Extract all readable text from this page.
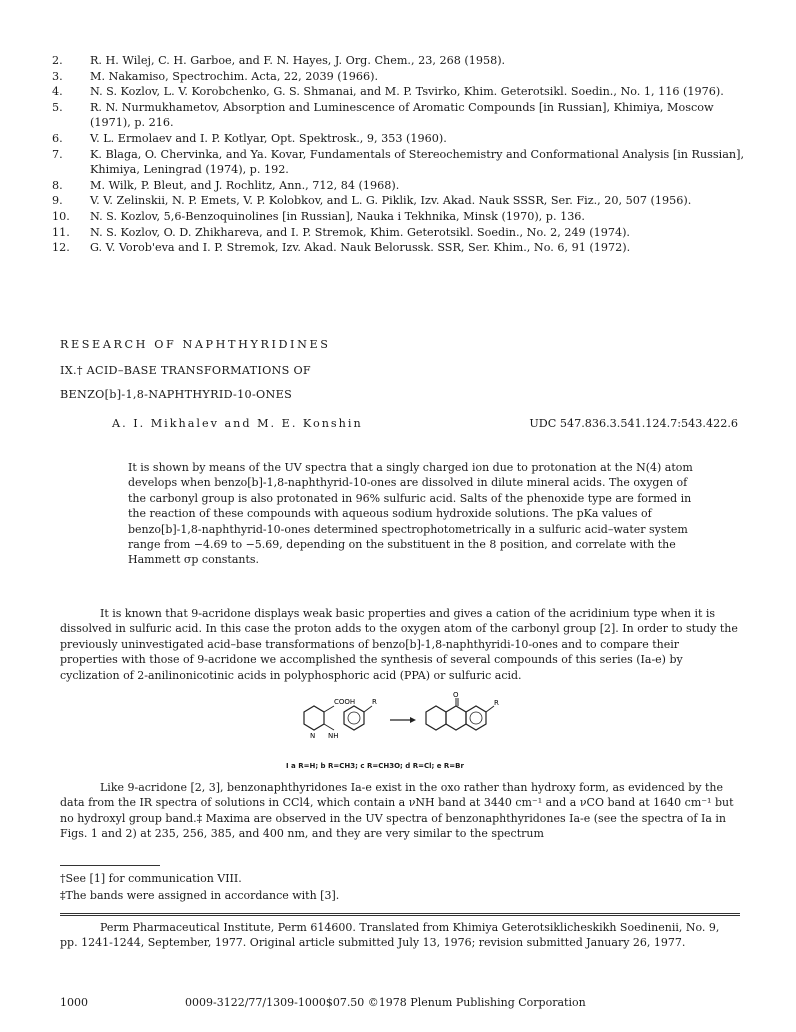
2.	R. H. Wilej, C. H. Garboe, and F. N. Hayes, J. Org. Chem., 23, 268 (1958).
3.	M. Nakamiso, Spectrochim. Acta, 22, 2039 (1966).
4.	N. S. Kozlov, L. V. Korobchenko, G. S. Shmanai, and M. P. Tsvirko, Khim. Geterotsikl. Soedin., No. 1, 116 (1976).
5.	R. N. Nurmukhametov, Absorption and Luminescence of Aromatic Compounds [in Russian], Khimiya, Moscow (1971), p. 216.
6.	V. L. Ermolaev and I. P. Kotlyar, Opt. Spektrosk., 9, 353 (1960).
7.	K. Blaga, O. Chervinka, and Ya. Kovar, Fundamentals of Stereochemistry and Conformational Analysis [in Russian], Khimiya, Leningrad (1974), p. 192.
8.	M. Wilk, P. Bleut, and J. Rochlitz, Ann., 712, 84 (1968).
9.	V. V. Zelinskii, N. P. Emets, V. P. Kolobkov, and L. G. Piklik, Izv. Akad. Nauk SSSR, Ser. Fiz., 20, 507 (1956).
10.	N. S. Kozlov, 5,6-Benzoquinolines [in Russian], Nauka i Tekhnika, Minsk (1970), p. 136.
11.	N. S. Kozlov, O. D. Zhikhareva, and I. P. Stremok, Khim. Geterotsikl. Soedin., No. 2, 249 (1974).
12.	G. V. Vorob'eva and I. P. Stremok, Izv. Akad. Nauk Belorussk. SSR, Ser. Khim., No. 6, 91 (1972).
RESEARCH OF NAPHTHYRIDINES
IX.† ACID–BASE TRANSFORMATIONS OF
BENZO[b]-1,8-NAPHTHYRID-10-ONES
A. I. Mikhalev and M. E. Konshin	UDC 547.836.3.541.124.7:543.422.6
It is shown by means of the UV spectra that a singly charged ion due to protonation at the N(4) atom develops when benzo[b]-1,8-naphthyrid-10-ones are dissolved in dilute mineral acids. The oxygen of the carbonyl group is also protonated in 96% sulfuric acid. Salts of the phenoxide type are formed in the reaction of these compounds with aqueous sodium hydroxide solutions. The pKa values of benzo[b]-1,8-naphthyrid-10-ones determined spectrophotometrically in a sulfuric acid–water system range from −4.69 to −5.69, depending on the substituent in the 8 position, and correlate with the Hammett σp constants.
It is known that 9-acridone displays weak basic properties and gives a cation of the acridinium type when it is dissolved in sulfuric acid. In this case the proton adds to the oxygen atom of the carbonyl group [2]. In order to study the previously uninvestigated acid–base transformations of benzo[b]-1,8-naphthyridi-10-ones and to compare their properties with those of 9-acridone we accomplished the synthesis of several compounds of this series (Ia-e) by cyclization of 2-anilinonicotinic acids in polyphosphoric acid (PPA) or sulfuric acid.
COOH
N NH
R
O
R
I a R=H; b R=CH3; c R=CH3O; d R=Cl; e R=Br
Like 9-acridone [2, 3], benzonaphthyridones Ia-e exist in the oxo rather than hydroxy form, as evidenced by the data from the IR spectra of solutions in CCl4, which contain a νNH band at 3440 cm⁻¹ and a νCO band at 1640 cm⁻¹ but no hydroxyl group band.‡ Maxima are observed in the UV spectra of benzonaphthyridones Ia-e (see the spectra of Ia in Figs. 1 and 2) at 235, 256, 385, and 400 nm, and they are very similar to the spectrum
†See [1] for communication VIII.
‡The bands were assigned in accordance with [3].
Perm Pharmaceutical Institute, Perm 614600. Translated from Khimiya Geterotsiklicheskikh Soedinenii, No. 9, pp. 1241-1244, September, 1977. Original article submitted July 13, 1976; revision submitted January 26, 1977.
1000	0009-3122/77/1309-1000$07.50 ©1978 Plenum Publishing Corporation
